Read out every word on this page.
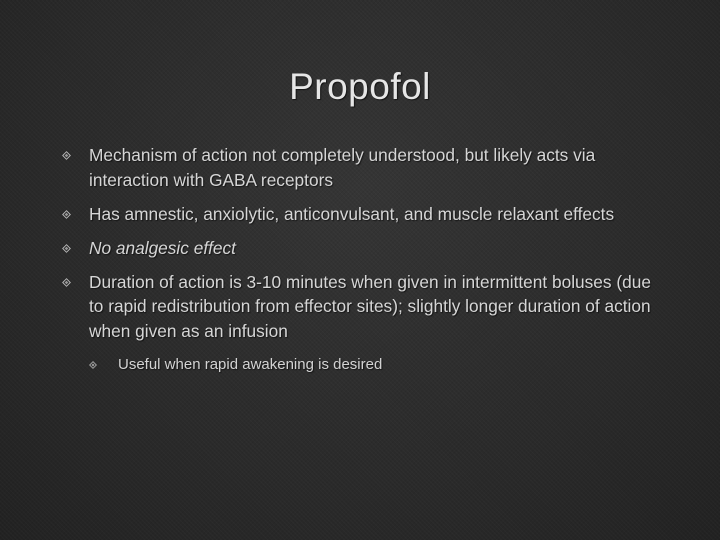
Propofol
Mechanism of action not completely understood, but likely acts via interaction with GABA receptors
Has amnestic, anxiolytic, anticonvulsant, and muscle relaxant effects
No analgesic effect
Duration of action is 3-10 minutes when given in intermittent boluses (due to rapid redistribution from effector sites); slightly longer duration of action when given as an infusion
Useful when rapid awakening is desired
